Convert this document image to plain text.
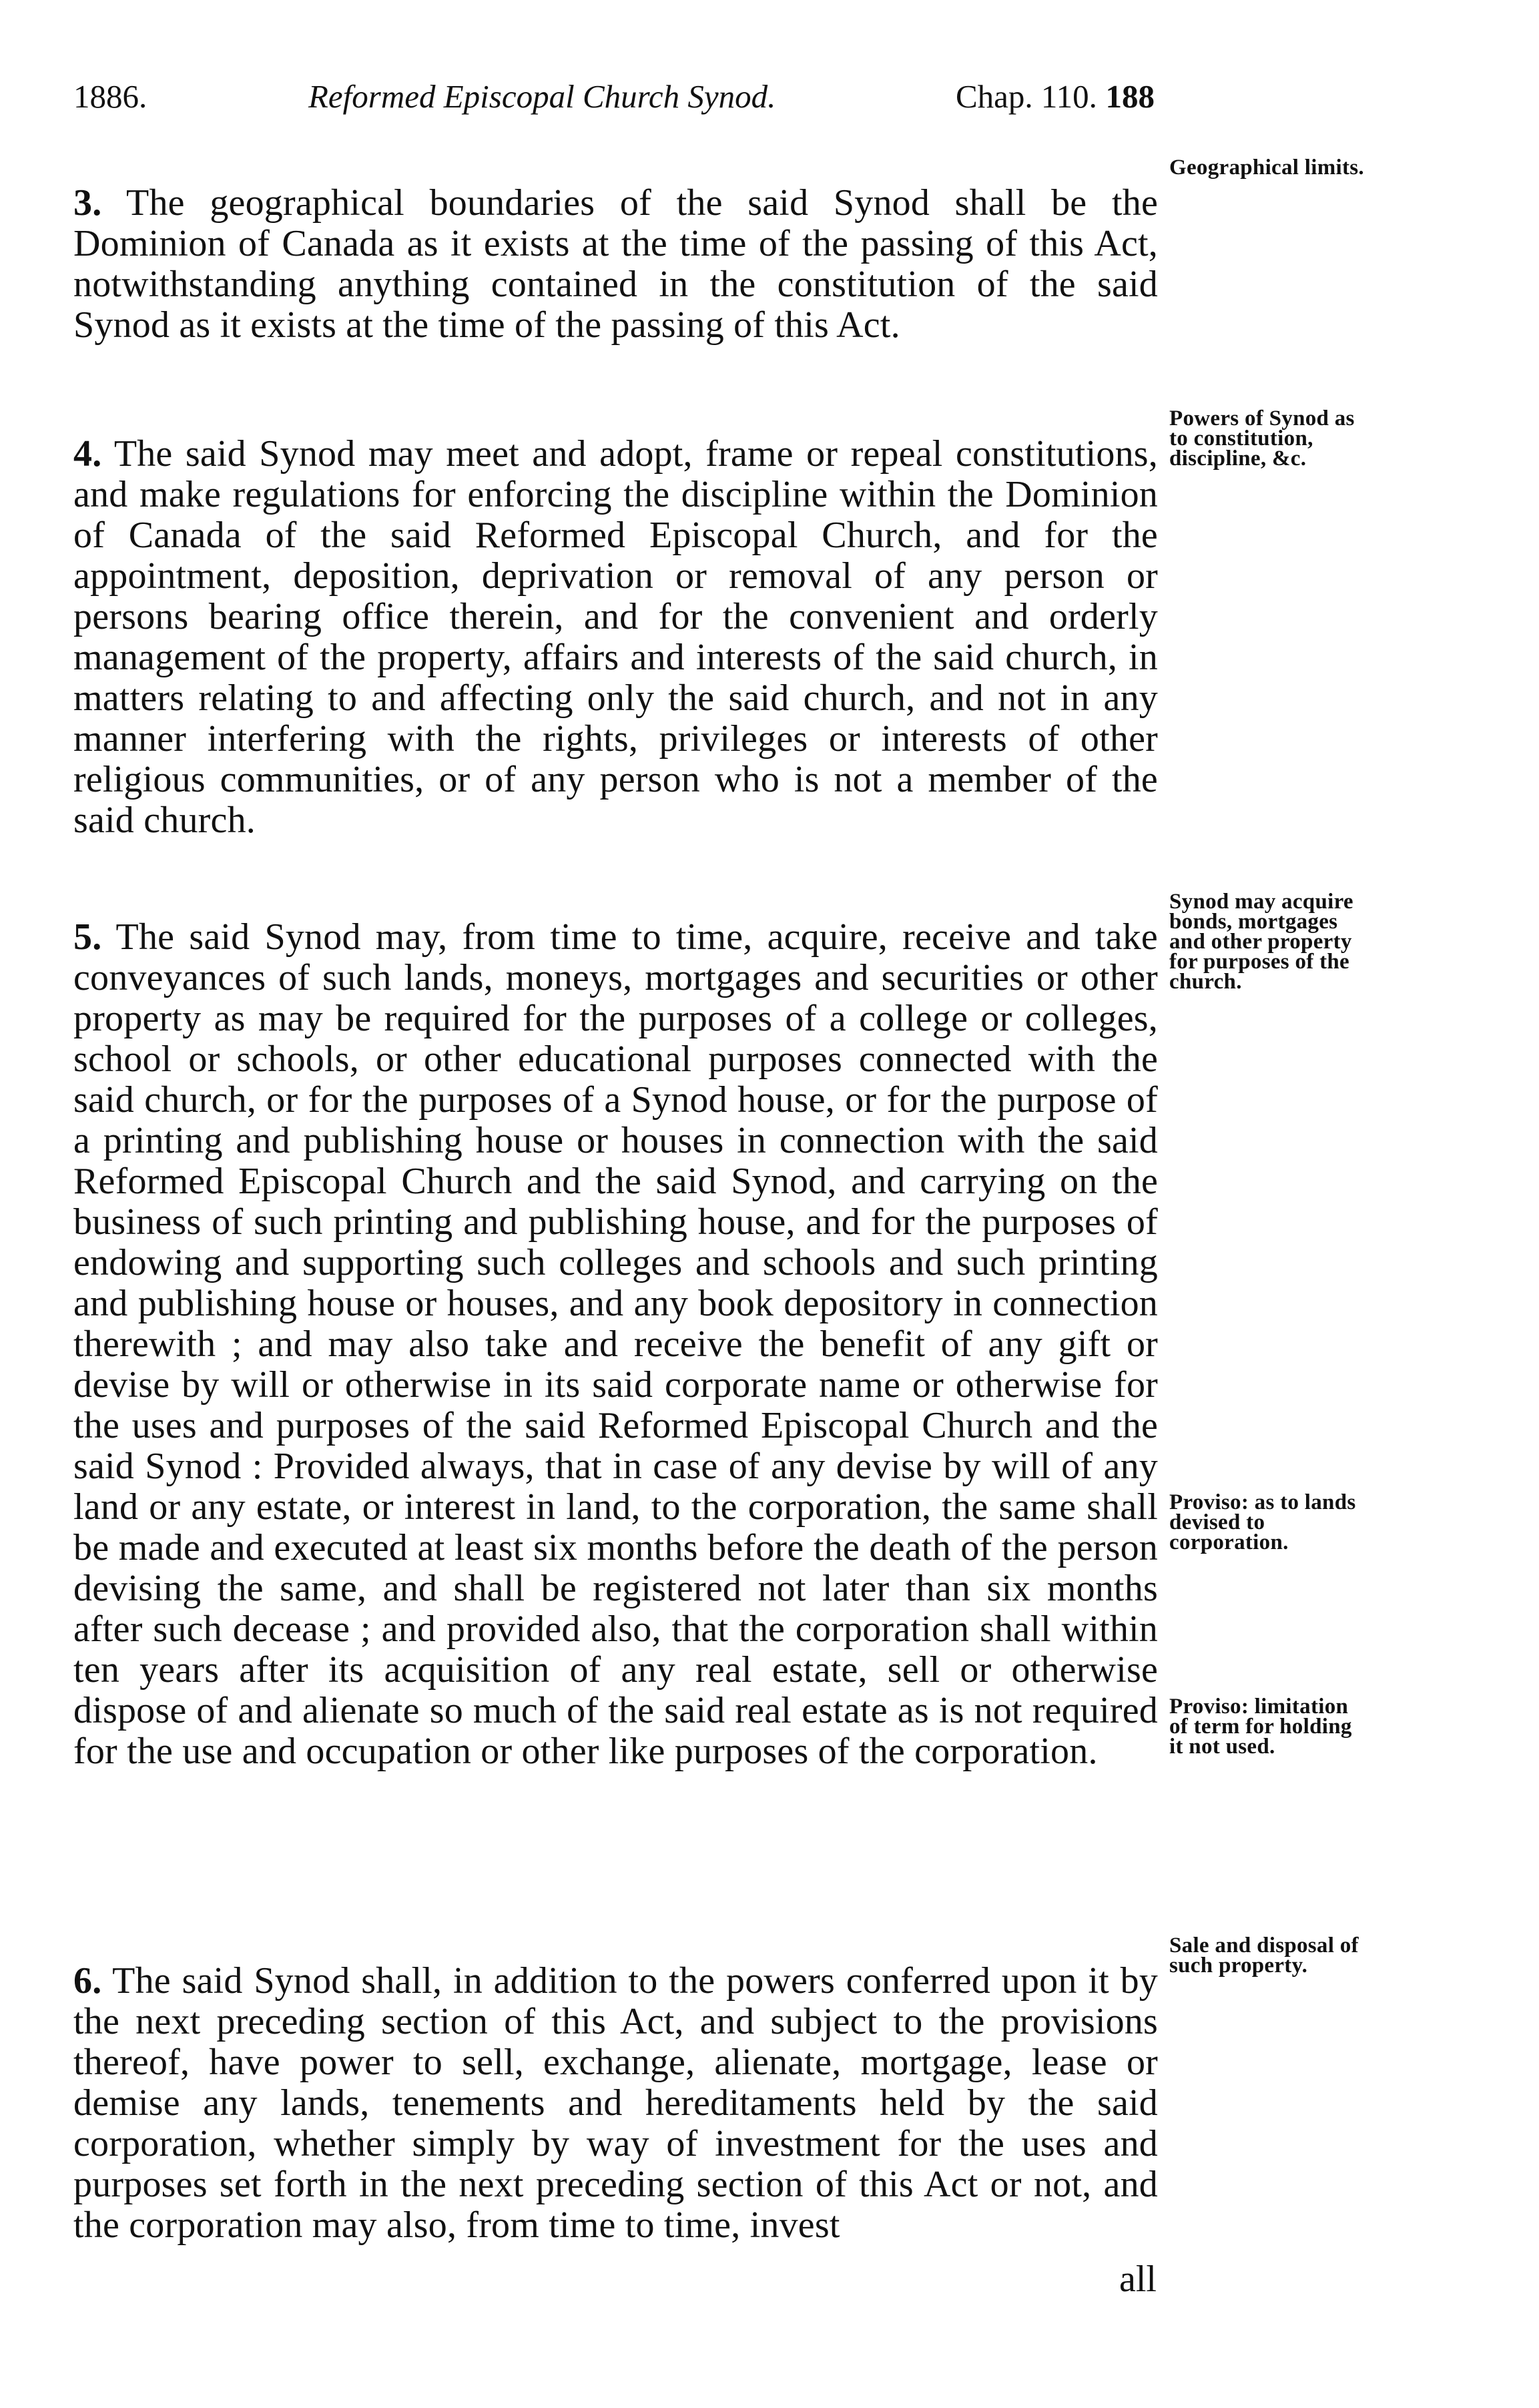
1886.	Reformed Episcopal Church Synod.	Chap. 110. 188

3. The geographical boundaries of the said Synod shall be the Dominion of Canada as it exists at the time of the passing of this Act, notwithstanding anything contained in the constitution of the said Synod as it exists at the time of the passing of this Act.

Geographical limits.

4. The said Synod may meet and adopt, frame or repeal constitutions, and make regulations for enforcing the discipline within the Dominion of Canada of the said Reformed Episcopal Church, and for the appointment, deposition, deprivation or removal of any person or persons bearing office therein, and for the convenient and orderly management of the property, affairs and interests of the said church, in matters relating to and affecting only the said church, and not in any manner interfering with the rights, privileges or interests of other religious communities, or of any person who is not a member of the said church.

Powers of Synod as to constitution, discipline, &c.

5. The said Synod may, from time to time, acquire, receive and take conveyances of such lands, moneys, mortgages and securities or other property as may be required for the purposes of a college or colleges, school or schools, or other educational purposes connected with the said church, or for the purposes of a Synod house, or for the purpose of a printing and publishing house or houses in connection with the said Reformed Episcopal Church and the said Synod, and carrying on the business of such printing and publishing house, and for the purposes of endowing and supporting such colleges and schools and such printing and publishing house or houses, and any book depository in connection therewith ; and may also take and receive the benefit of any gift or devise by will or otherwise in its said corporate name or otherwise for the uses and purposes of the said Reformed Episcopal Church and the said Synod : Provided always, that in case of any devise by will of any land or any estate, or interest in land, to the corporation, the same shall be made and executed at least six months before the death of the person devising the same, and shall be registered not later than six months after such decease ; and provided also, that the corporation shall within ten years after its acquisition of any real estate, sell or otherwise dispose of and alienate so much of the said real estate as is not required for the use and occupation or other like purposes of the corporation.

Synod may acquire bonds, mortgages and other property for purposes of the church.
Proviso: as to lands devised to corporation.
Proviso: limitation of term for holding it not used.

6. The said Synod shall, in addition to the powers conferred upon it by the next preceding section of this Act, and subject to the provisions thereof, have power to sell, exchange, alienate, mortgage, lease or demise any lands, tenements and hereditaments held by the said corporation, whether simply by way of investment for the uses and purposes set forth in the next preceding section of this Act or not, and the corporation may also, from time to time, invest

Sale and disposal of such property.
all
